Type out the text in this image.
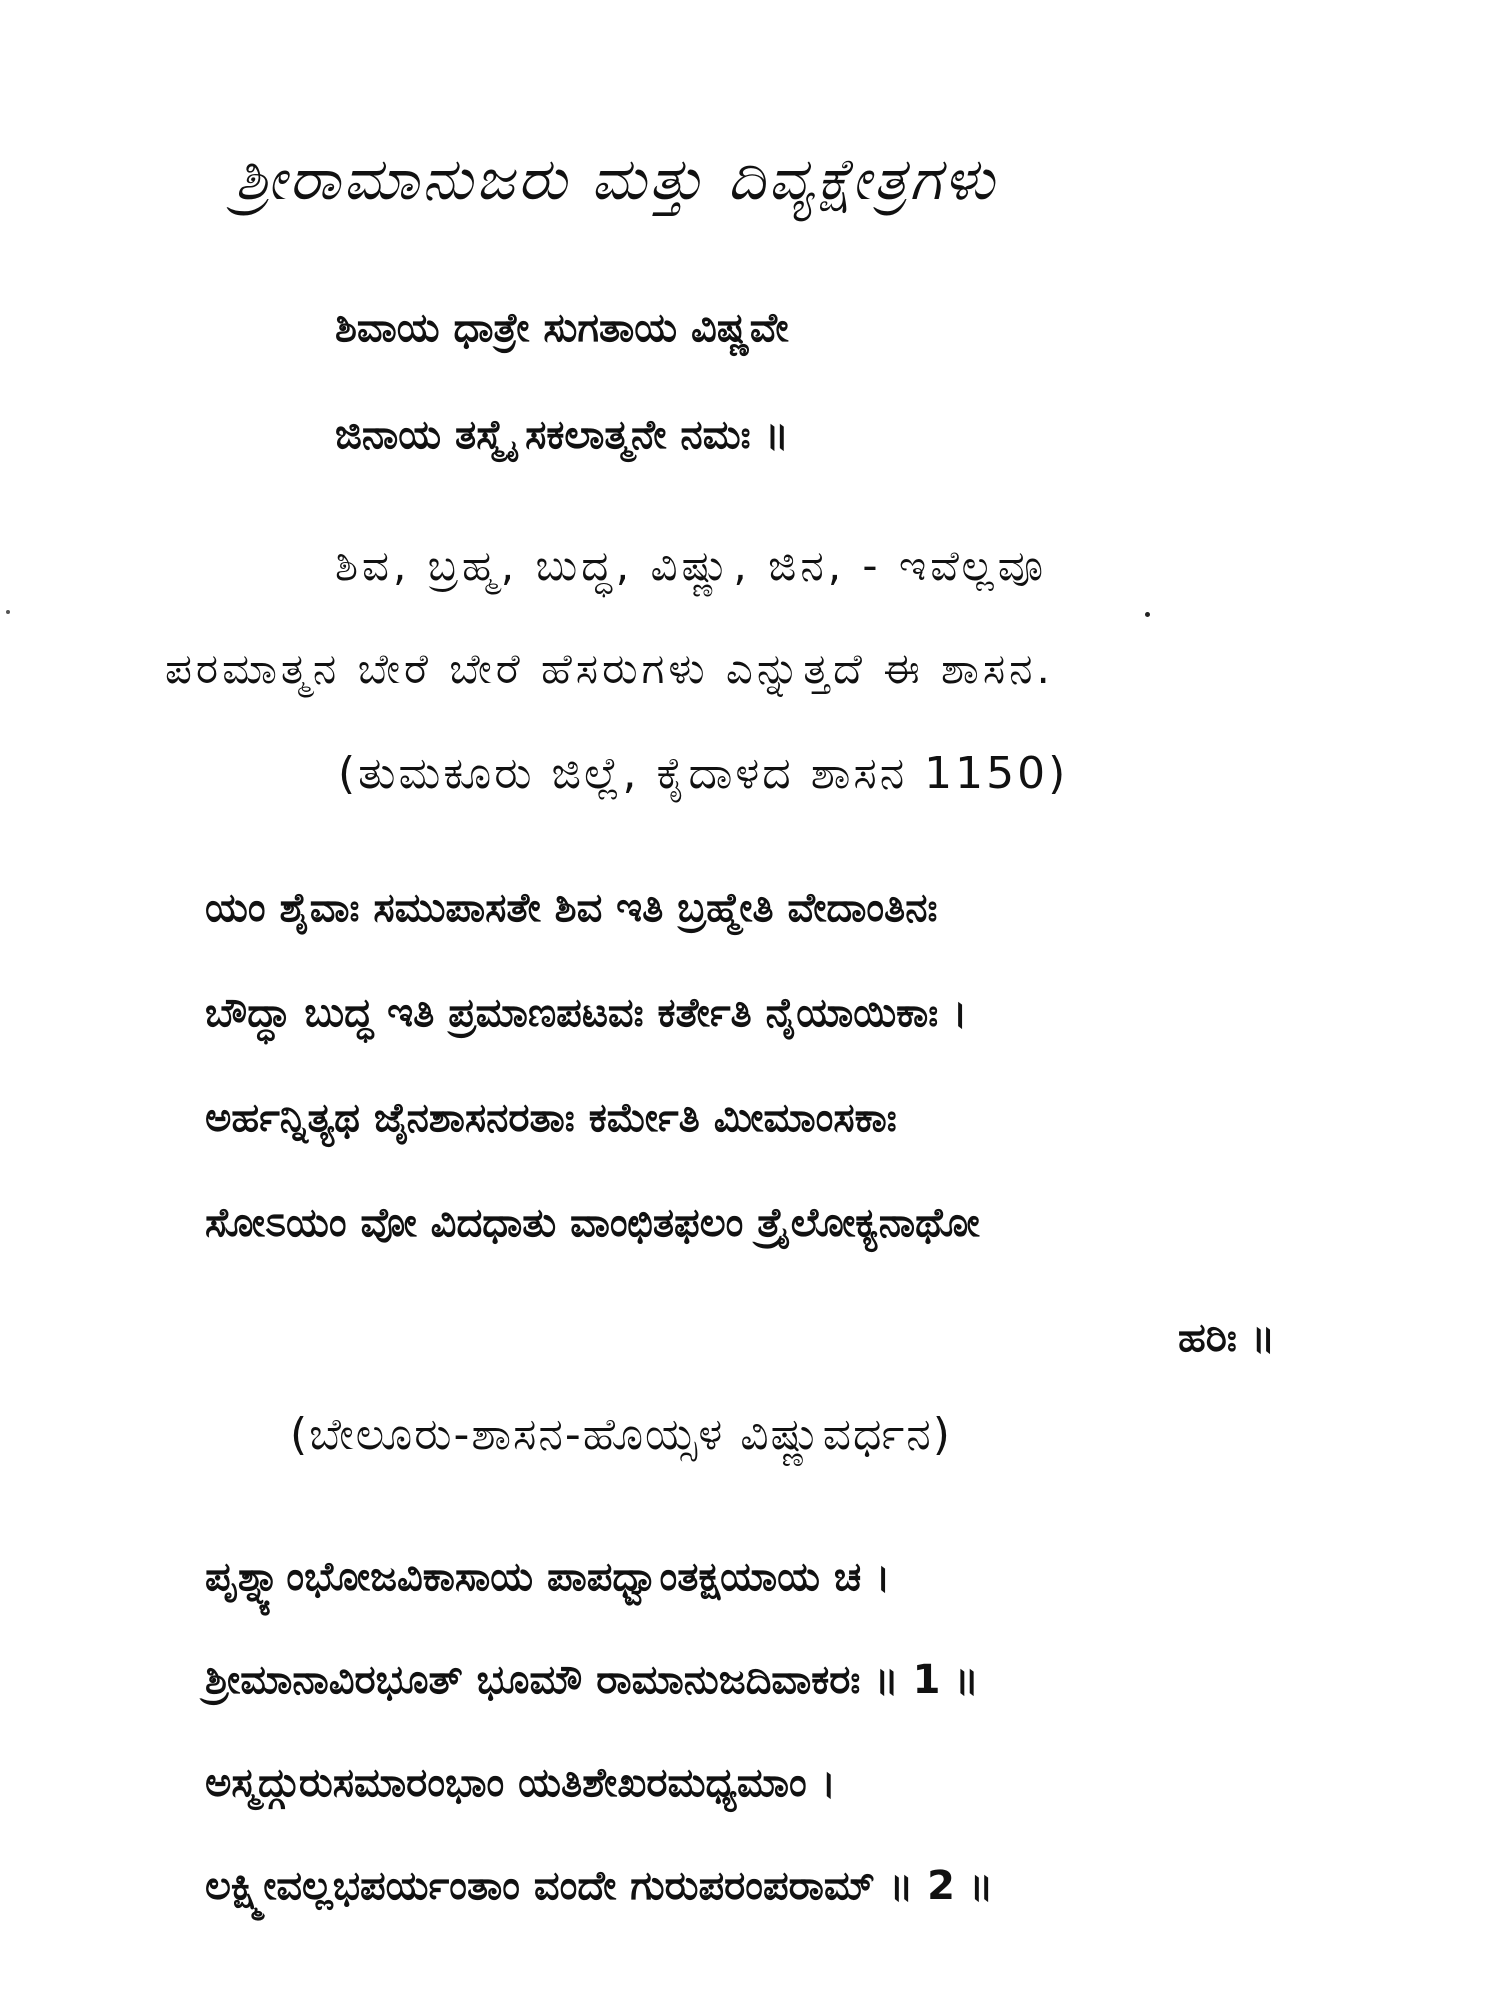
ಶ್ರೀರಾಮಾನುಜರು ಮತ್ತು ದಿವ್ಯಕ್ಷೇತ್ರಗಳು
ಶಿವಾಯ ಧಾತ್ರೇ ಸುಗತಾಯ ವಿಷ್ಣವೇ
ಜಿನಾಯ ತಸ್ಮೈ ಸಕಲಾತ್ಮನೇ ನಮಃ ॥
ಶಿವ, ಬ್ರಹ್ಮ, ಬುದ್ಧ, ವಿಷ್ಣು, ಜಿನ, - ಇವೆಲ್ಲವೂ
ಪರಮಾತ್ಮನ ಬೇರೆ ಬೇರೆ ಹೆಸರುಗಳು ಎನ್ನುತ್ತದೆ ಈ ಶಾಸನ.
(ತುಮಕೂರು ಜಿಲ್ಲೆ, ಕೈದಾಳದ ಶಾಸನ 1150)
ಯಂ ಶೈವಾಃ ಸಮುಪಾಸತೇ ಶಿವ ಇತಿ ಬ್ರಹ್ಮೇತಿ ವೇದಾಂತಿನಃ
ಬೌದ್ಧಾ ಬುದ್ಧ ಇತಿ ಪ್ರಮಾಣಪಟವಃ ಕರ್ತೇತಿ ನೈಯಾಯಿಕಾಃ ।
ಅರ್ಹನ್ನಿತ್ಯಥ ಜೈನಶಾಸನರತಾಃ ಕರ್ಮೇತಿ ಮೀಮಾಂಸಕಾಃ
ಸೋಽಯಂ ವೋ ವಿದಧಾತು ವಾಂಛಿತಫಲಂ ತ್ರೈಲೋಕ್ಯನಾಥೋ
ಹರಿಃ ॥
(ಬೇಲೂರು-ಶಾಸನ-ಹೊಯ್ಸಳ ವಿಷ್ಣುವರ್ಧನ)
ಪೃಶ್ನ್ಯಾಂಭೋಜವಿಕಾಸಾಯ ಪಾಪಧ್ವಾಂತಕ್ಷಯಾಯ ಚ ।
ಶ್ರೀಮಾನಾವಿರಭೂತ್ ಭೂಮೌ ರಾಮಾನುಜದಿವಾಕರಃ ॥ 1 ॥
ಅಸ್ಮದ್ಗುರುಸಮಾರಂಭಾಂ ಯತಿಶೇಖರಮಧ್ಯಮಾಂ ।
ಲಕ್ಷ್ಮೀವಲ್ಲಭಪರ್ಯಂತಾಂ ವಂದೇ ಗುರುಪರಂಪರಾಮ್ ॥ 2 ॥
